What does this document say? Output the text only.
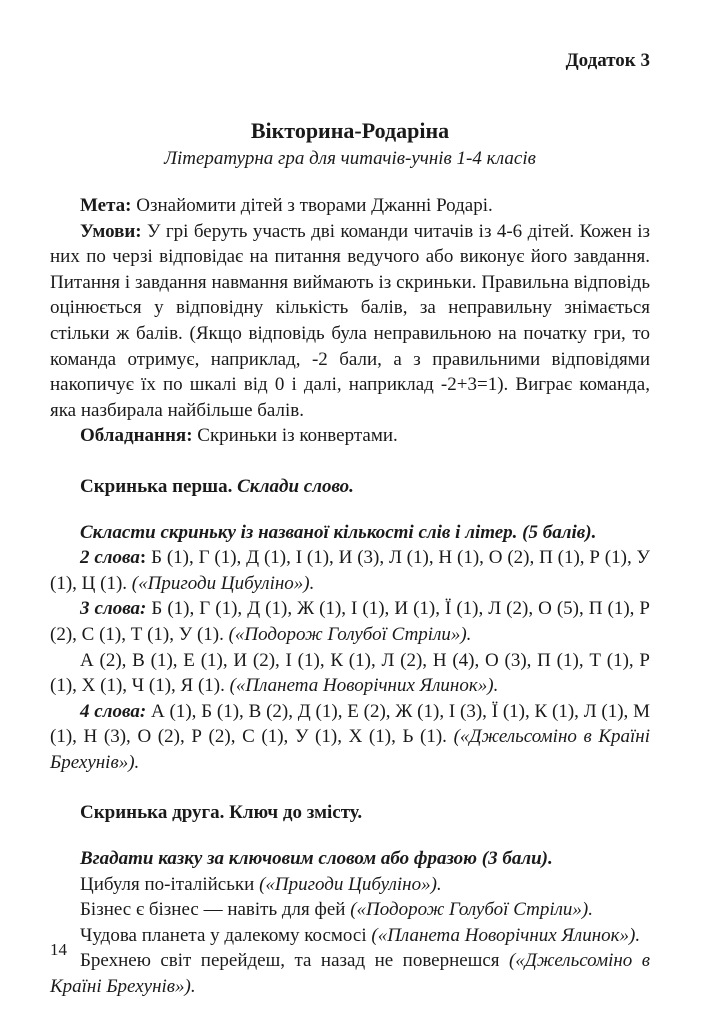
Додаток 3
Вікторина-Родаріна
Літературна гра для читачів-учнів 1-4 класів

Мета: Ознайомити дітей з творами Джанні Родарі.

Умови: У грі беруть участь дві команди читачів із 4-6 дітей. Кожен із них по черзі відповідає на питання ведучого або виконує його завдання. Питання і завдання навмання виймають із скриньки. Правильна відповідь оцінюється у відповідну кількість балів, за неправильну знімається стільки ж балів. (Якщо відповідь була неправильною на початку гри, то команда отримує, наприклад, -2 бали, а з правильними відповідями накопичує їх по шкалі від 0 і далі, наприклад -2+3=1). Виграє команда, яка назбирала найбільше балів.

Обладнання: Скриньки із конвертами.

Скринька перша. Склади слово.

Скласти скриньку із названої кількості слів і літер. (5 балів).

2 слова: Б (1), Г (1), Д (1), І (1), И (3), Л (1), Н (1), О (2), П (1), Р (1), У (1), Ц (1). («Пригоди Цибуліно»).

3 слова: Б (1), Г (1), Д (1), Ж (1), І (1), И (1), Ї (1), Л (2), О (5), П (1), Р (2), С (1), Т (1), У (1). («Подорож Голубої Стріли»).

А (2), В (1), Е (1), И (2), І (1), К (1), Л (2), Н (4), О (3), П (1), Т (1), Р (1), Х (1), Ч (1), Я (1). («Планета Новорічних Ялинок»).

4 слова: А (1), Б (1), В (2), Д (1), Е (2), Ж (1), І (3), Ї (1), К (1), Л (1), М (1), Н (3), О (2), Р (2), С (1), У (1), Х (1), Ь (1). («Джельсоміно в Країні Брехунів»).

Скринька друга. Ключ до змісту.

Вгадати казку за ключовим словом або фразою (3 бали).

Цибуля по-італійськи («Пригоди Цибуліно»).

Бізнес є бізнес — навіть для фей («Подорож Голубої Стріли»).

Чудова планета у далекому космосі («Планета Новорічних Ялинок»).

Брехнею світ перейдеш, та назад не повернешся («Джельсоміно в Країні Брехунів»).

14
